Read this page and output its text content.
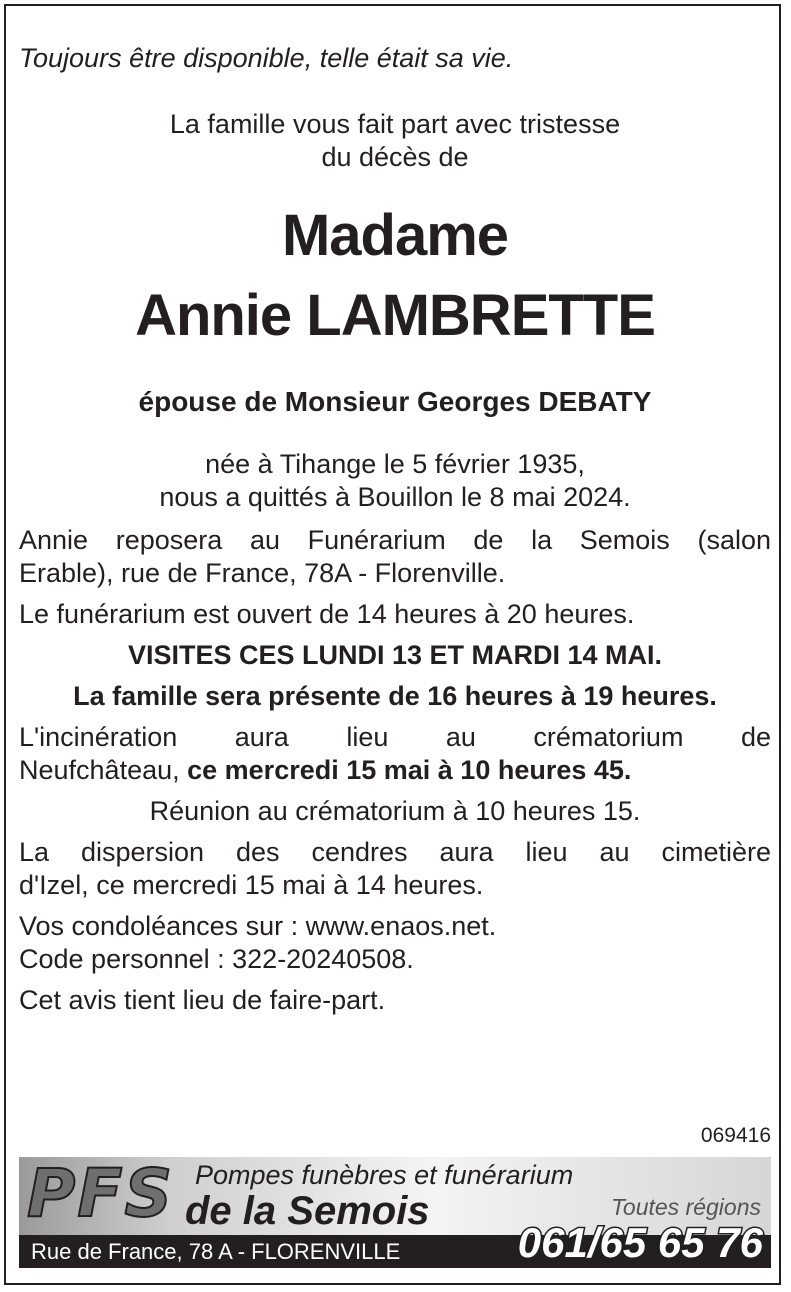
Toujours être disponible, telle était sa vie.

La famille vous fait part avec tristesse

du décès de

Madame
Annie LAMBRETTE

épouse de Monsieur Georges DEBATY

née à Tihange le 5 février 1935,

nous a quittés à Bouillon le 8 mai 2024.

Annie reposera au Funérarium de la Semois (salon

Erable), rue de France, 78A - Florenville.

Le funérarium est ouvert de 14 heures à 20 heures.

VISITES CES LUNDI 13 ET MARDI 14 MAI.

La famille sera présente de 16 heures à 19 heures.

L'incinération aura lieu au crématorium de

Neufchâteau, ce mercredi 15 mai à 10 heures 45.

Réunion au crématorium à 10 heures 15.

La dispersion des cendres aura lieu au cimetière

d'Izel, ce mercredi 15 mai à 14 heures.

Vos condoléances sur : www.enaos.net.

Code personnel : 322-20240508.

Cet avis tient lieu de faire-part.

069416
PFS Pompes funèbres et funérarium
de la Semois	Toutes régions
Rue de France, 78 A - FLORENVILLE	061/65 65 76
